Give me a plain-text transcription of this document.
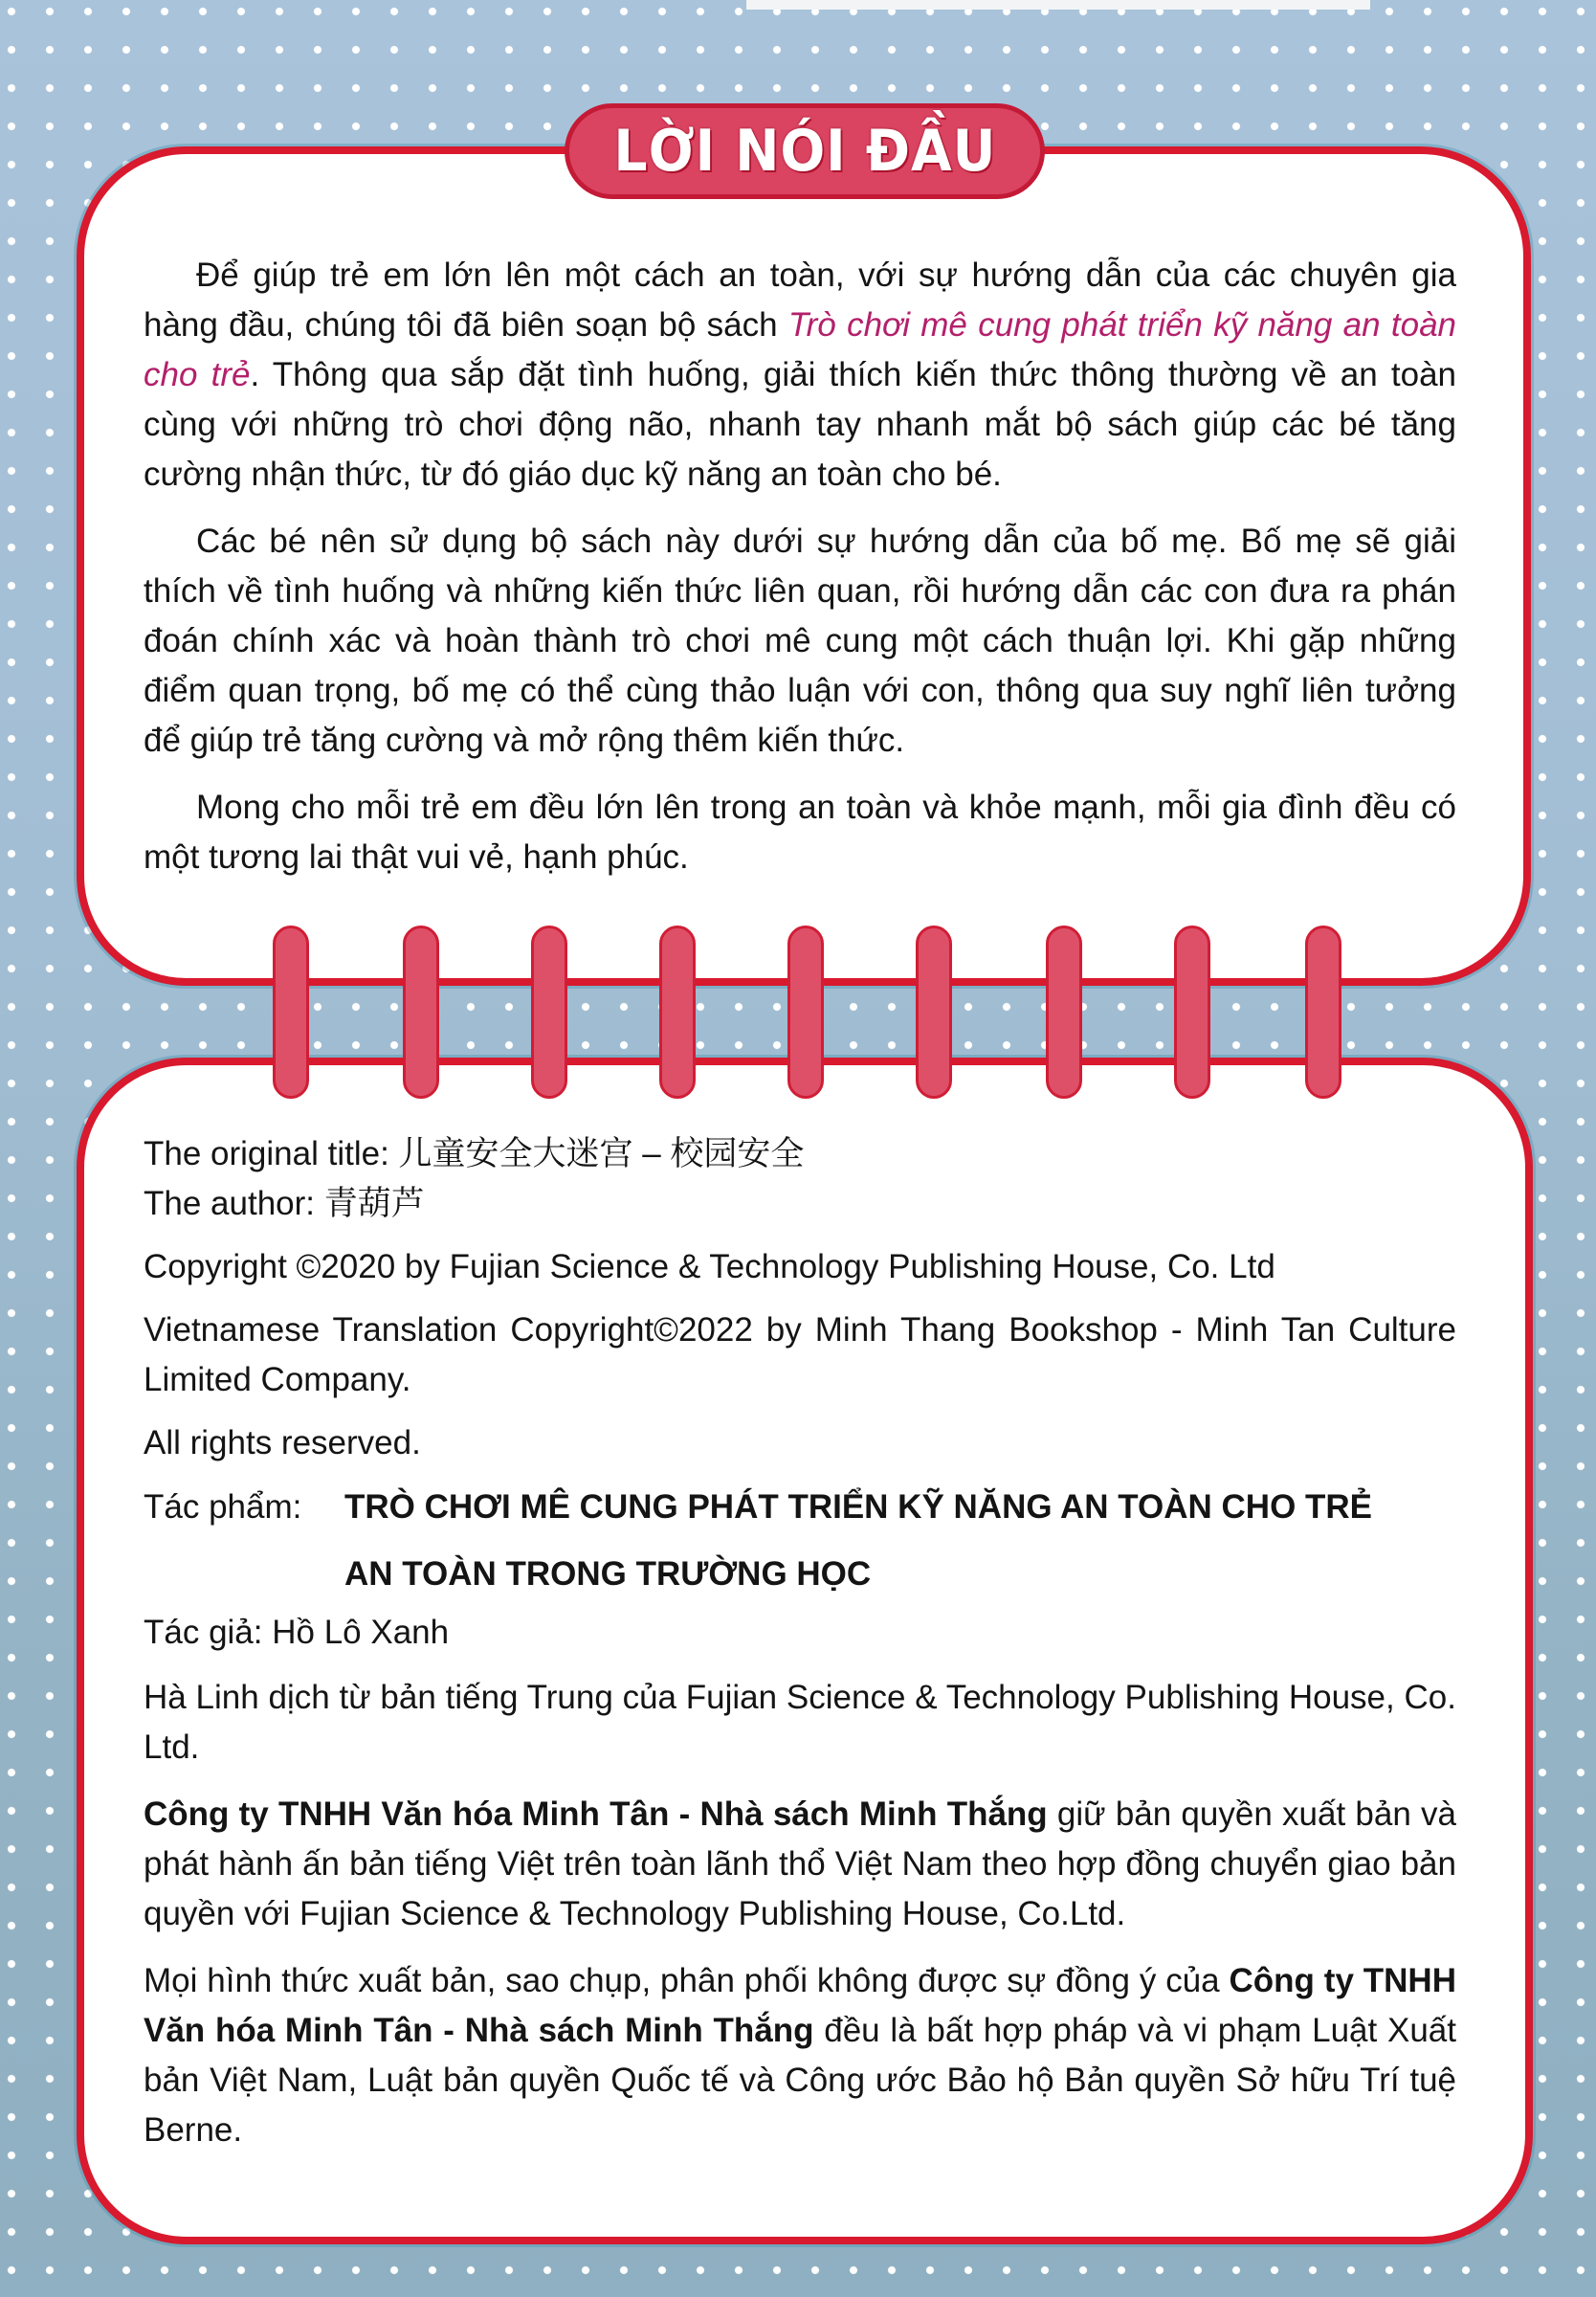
LỜI NÓI ĐẦU

Để giúp trẻ em lớn lên một cách an toàn, với sự hướng dẫn của các chuyên gia hàng đầu, chúng tôi đã biên soạn bộ sách Trò chơi mê cung phát triển kỹ năng an toàn cho trẻ. Thông qua sắp đặt tình huống, giải thích kiến thức thông thường về an toàn cùng với những trò chơi động não, nhanh tay nhanh mắt bộ sách giúp các bé tăng cường nhận thức, từ đó giáo dục kỹ năng an toàn cho bé.

Các bé nên sử dụng bộ sách này dưới sự hướng dẫn của bố mẹ. Bố mẹ sẽ giải thích về tình huống và những kiến thức liên quan, rồi hướng dẫn các con đưa ra phán đoán chính xác và hoàn thành trò chơi mê cung một cách thuận lợi. Khi gặp những điểm quan trọng, bố mẹ có thể cùng thảo luận với con, thông qua suy nghĩ liên tưởng để giúp trẻ tăng cường và mở rộng thêm kiến thức.

Mong cho mỗi trẻ em đều lớn lên trong an toàn và khỏe mạnh, mỗi gia đình đều có một tương lai thật vui vẻ, hạnh phúc.

The original title: 儿童安全大迷宫 – 校园安全
The author: 青葫芦
Copyright ©2020 by Fujian Science & Technology Publishing House, Co. Ltd

Vietnamese Translation Copyright©2022 by Minh Thang Bookshop - Minh Tan Culture Limited Company.

All rights reserved.
Tác phẩm:	TRÒ CHƠI MÊ CUNG PHÁT TRIỂN KỸ NĂNG AN TOÀN CHO TRẺ
AN TOÀN TRONG TRƯỜNG HỌC
Tác giả: Hồ Lô Xanh

Hà Linh dịch từ bản tiếng Trung của Fujian Science & Technology Publishing House, Co. Ltd.

Công ty TNHH Văn hóa Minh Tân - Nhà sách Minh Thắng giữ bản quyền xuất bản và phát hành ấn bản tiếng Việt trên toàn lãnh thổ Việt Nam theo hợp đồng chuyển giao bản quyền với Fujian Science & Technology Publishing House, Co.Ltd.

Mọi hình thức xuất bản, sao chụp, phân phối không được sự đồng ý của Công ty TNHH Văn hóa Minh Tân - Nhà sách Minh Thắng đều là bất hợp pháp và vi phạm Luật Xuất bản Việt Nam, Luật bản quyền Quốc tế và Công ước Bảo hộ Bản quyền Sở hữu Trí tuệ Berne.
